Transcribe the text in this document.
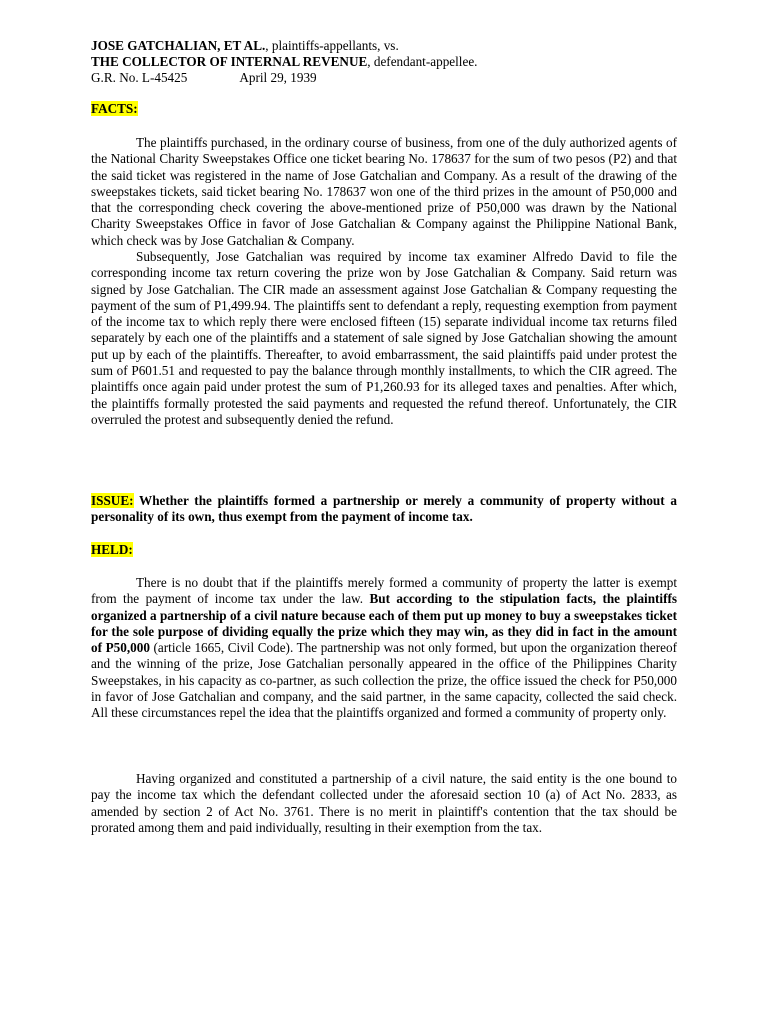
JOSE GATCHALIAN, ET AL., plaintiffs-appellants, vs.
THE COLLECTOR OF INTERNAL REVENUE, defendant-appellee.
G.R. No. L-45425	April 29, 1939
FACTS:
The plaintiffs purchased, in the ordinary course of business, from one of the duly authorized agents of the National Charity Sweepstakes Office one ticket bearing No. 178637 for the sum of two pesos (P2) and that the said ticket was registered in the name of Jose Gatchalian and Company. As a result of the drawing of the sweepstakes tickets, said ticket bearing No. 178637 won one of the third prizes in the amount of P50,000 and that the corresponding check covering the above-mentioned prize of P50,000 was drawn by the National Charity Sweepstakes Office in favor of Jose Gatchalian & Company against the Philippine National Bank, which check was by Jose Gatchalian & Company.
Subsequently, Jose Gatchalian was required by income tax examiner Alfredo David to file the corresponding income tax return covering the prize won by Jose Gatchalian & Company. Said return was signed by Jose Gatchalian. The CIR made an assessment against Jose Gatchalian & Company requesting the payment of the sum of P1,499.94. The plaintiffs sent to defendant a reply, requesting exemption from payment of the income tax to which reply there were enclosed fifteen (15) separate individual income tax returns filed separately by each one of the plaintiffs and a statement of sale signed by Jose Gatchalian showing the amount put up by each of the plaintiffs. Thereafter, to avoid embarrassment, the said plaintiffs paid under protest the sum of P601.51 and requested to pay the balance through monthly installments, to which the CIR agreed. The plaintiffs once again paid under protest the sum of P1,260.93 for its alleged taxes and penalties. After which, the plaintiffs formally protested the said payments and requested the refund thereof. Unfortunately, the CIR overruled the protest and subsequently denied the refund.
ISSUE: Whether the plaintiffs formed a partnership or merely a community of property without a personality of its own, thus exempt from the payment of income tax.
HELD:
There is no doubt that if the plaintiffs merely formed a community of property the latter is exempt from the payment of income tax under the law. But according to the stipulation facts, the plaintiffs organized a partnership of a civil nature because each of them put up money to buy a sweepstakes ticket for the sole purpose of dividing equally the prize which they may win, as they did in fact in the amount of P50,000 (article 1665, Civil Code). The partnership was not only formed, but upon the organization thereof and the winning of the prize, Jose Gatchalian personally appeared in the office of the Philippines Charity Sweepstakes, in his capacity as co-partner, as such collection the prize, the office issued the check for P50,000 in favor of Jose Gatchalian and company, and the said partner, in the same capacity, collected the said check. All these circumstances repel the idea that the plaintiffs organized and formed a community of property only.
Having organized and constituted a partnership of a civil nature, the said entity is the one bound to pay the income tax which the defendant collected under the aforesaid section 10 (a) of Act No. 2833, as amended by section 2 of Act No. 3761. There is no merit in plaintiff's contention that the tax should be prorated among them and paid individually, resulting in their exemption from the tax.
